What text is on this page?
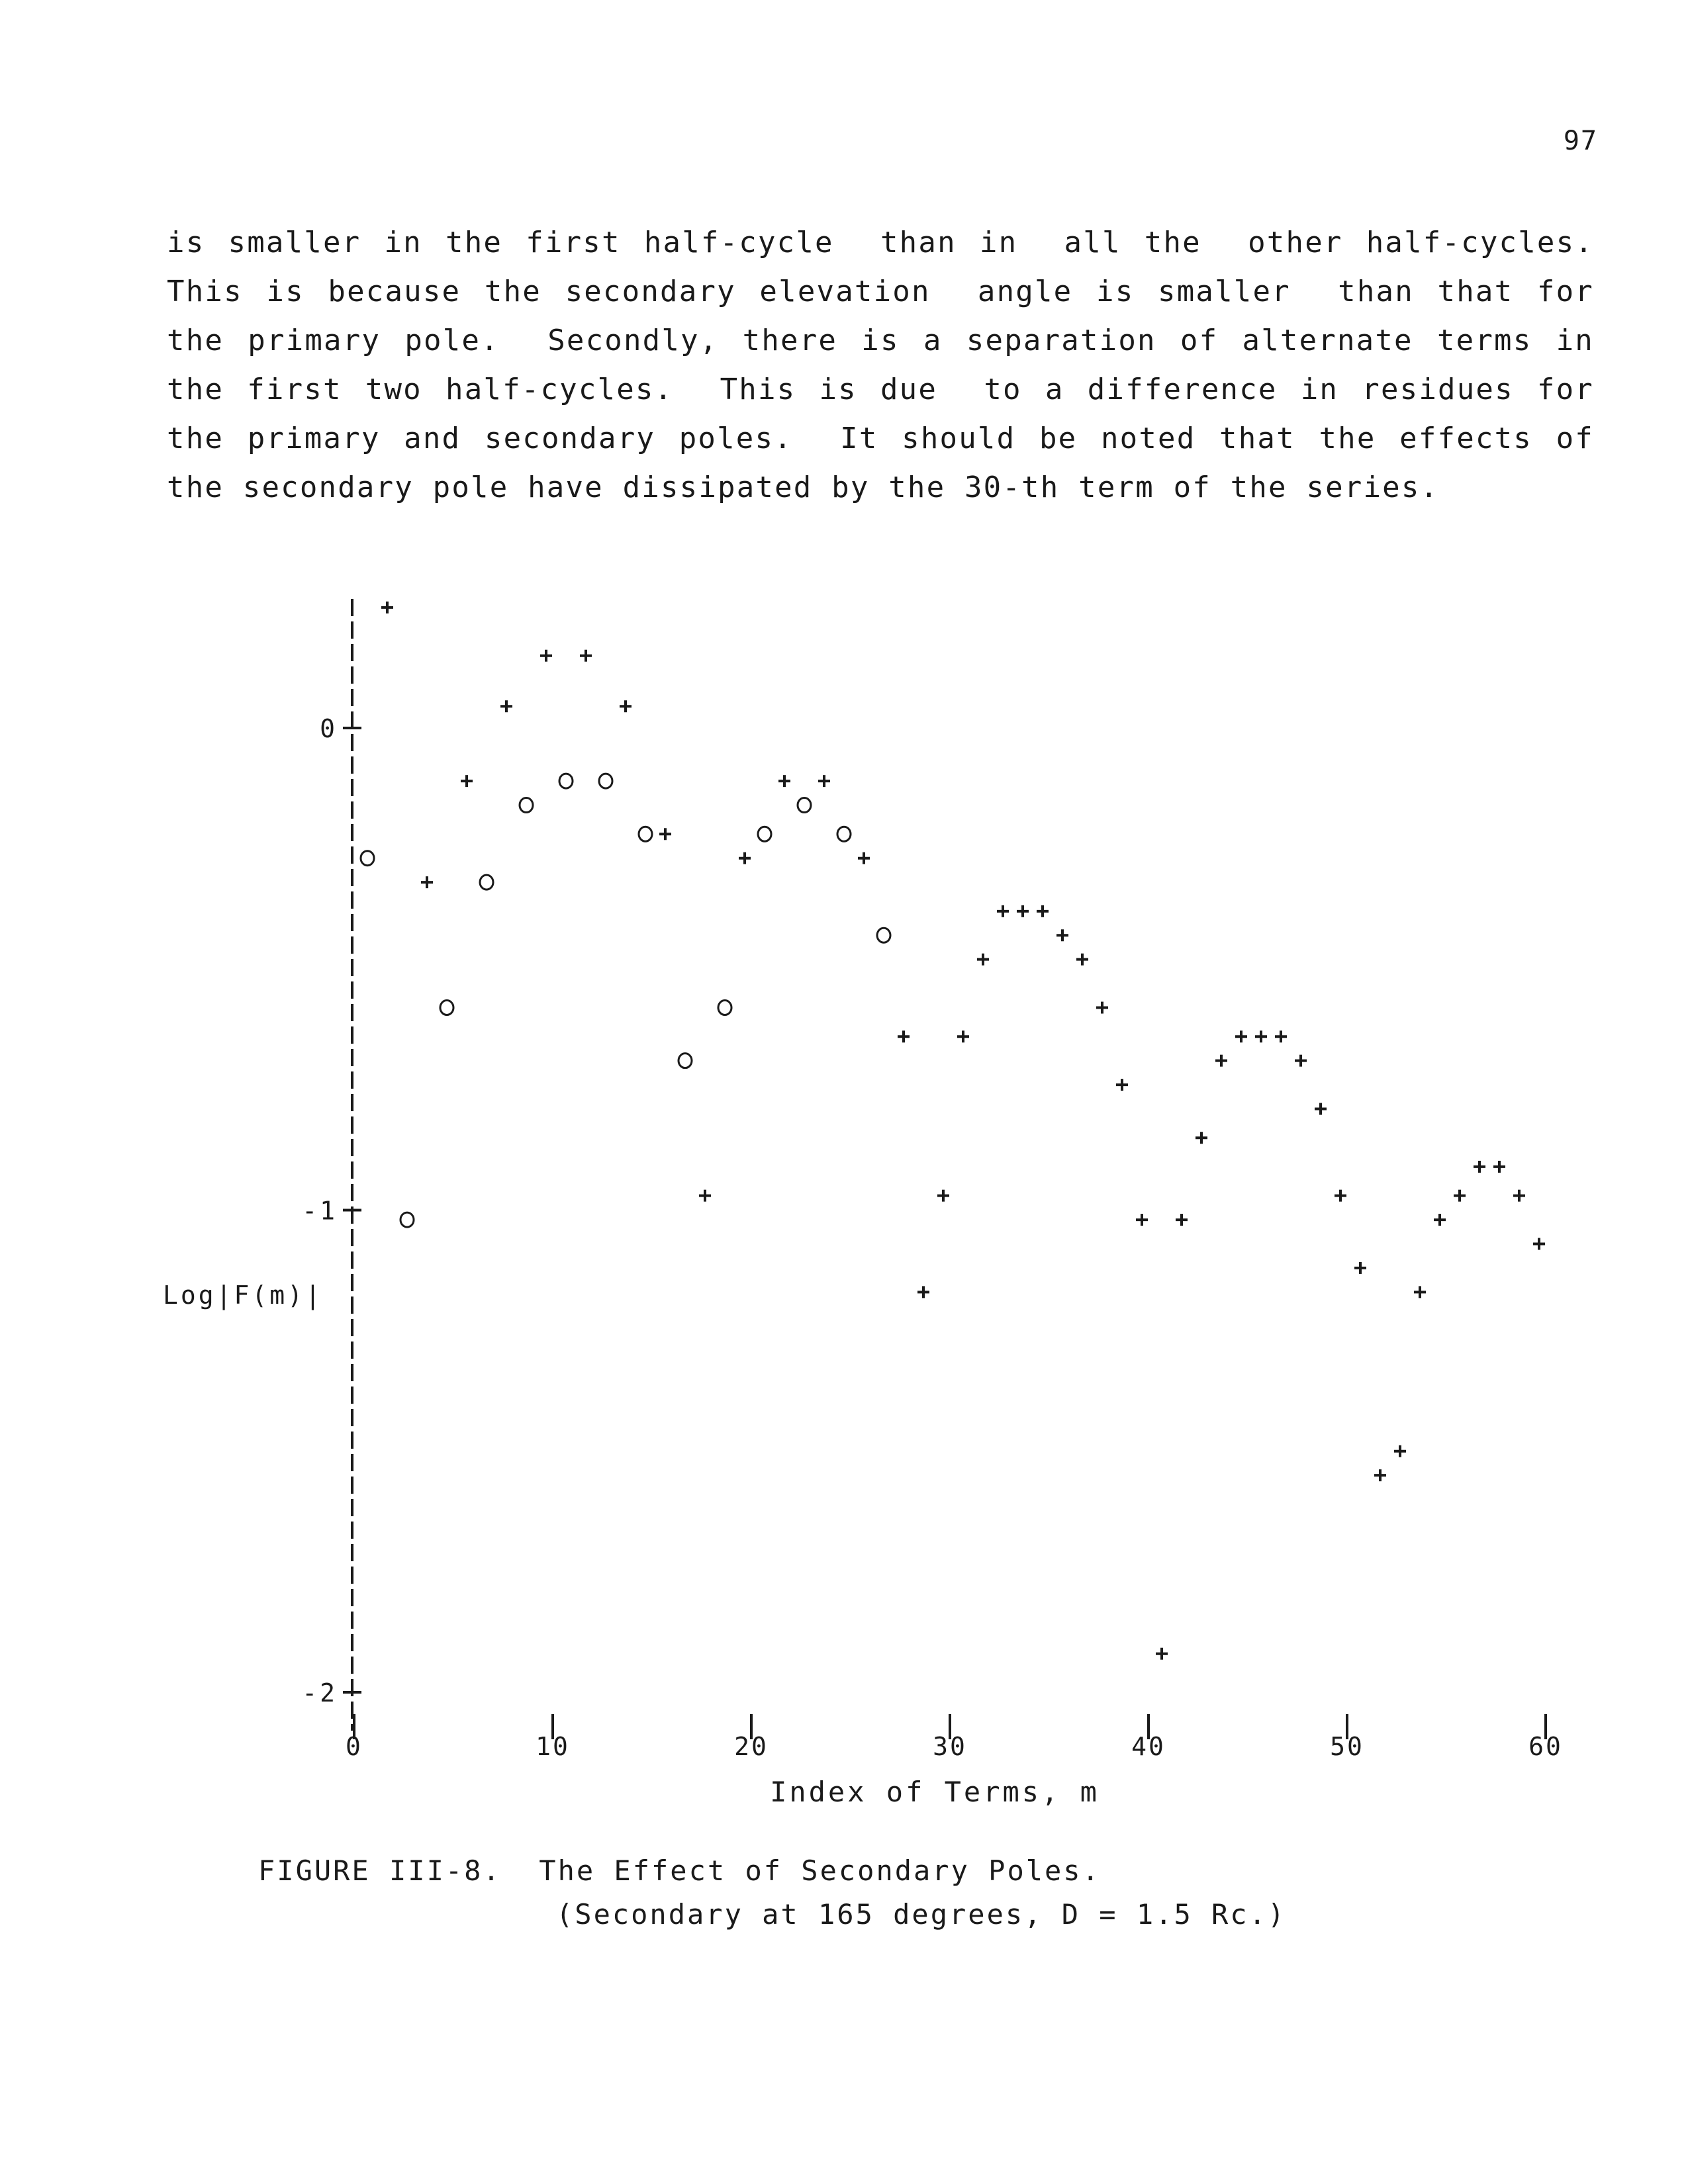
97
is smaller in the first half-cycle  than in  all the  other half-cycles.
This is because the secondary elevation  angle is smaller  than that for
the primary pole.  Secondly, there is a separation of alternate terms in
the first two half-cycles.  This is due  to a difference in residues for
the primary and secondary poles.  It should be noted that the effects of
the secondary pole have dissipated by the 30-th term of the series.
0
-1
-2
0	10	20	30	40	50	60
Log|F(m)|
Index of Terms, m
FIGURE III-8.  The Effect of Secondary Poles.
(Secondary at 165 degrees, D = 1.5 Rc.)
